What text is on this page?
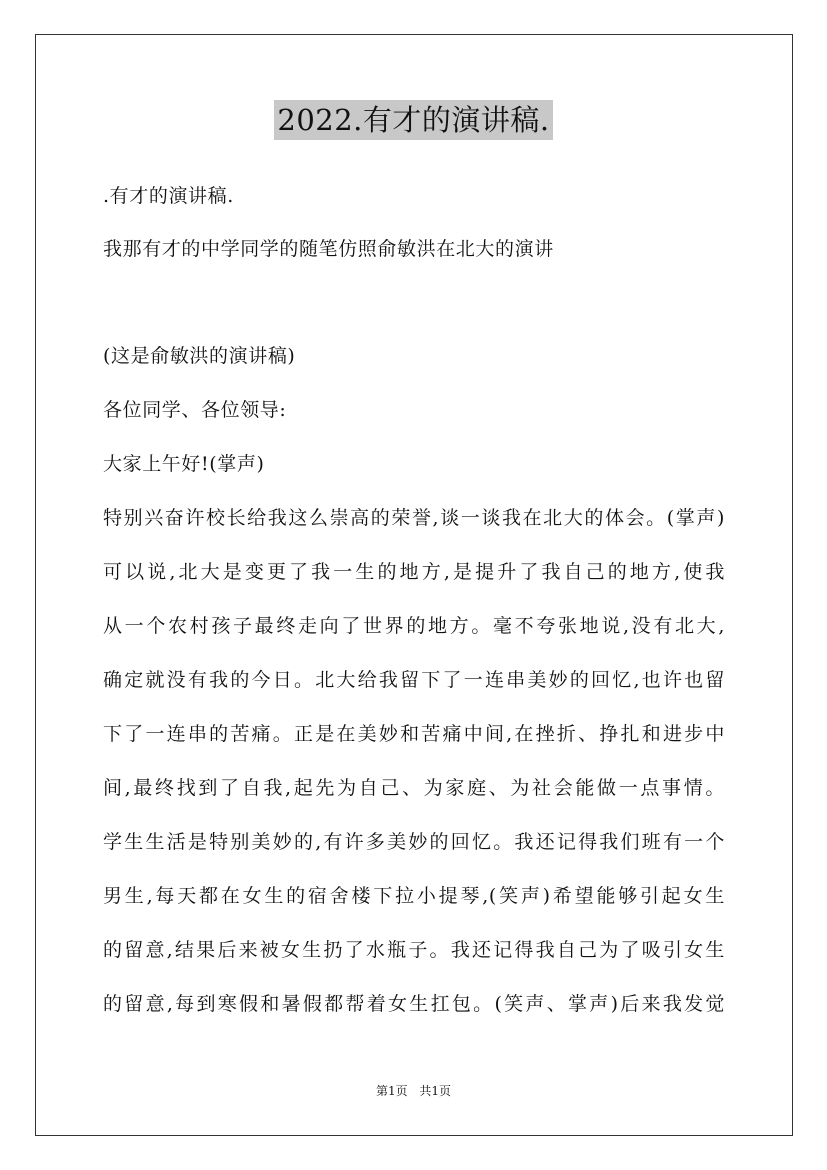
2022.有才的演讲稿.
.有才的演讲稿.
我那有才的中学同学的随笔仿照俞敏洪在北大的演讲
(这是俞敏洪的演讲稿)
各位同学、各位领导:
大家上午好!(掌声)
特别兴奋许校长给我这么崇高的荣誉,谈一谈我在北大的体会。(掌声)
可以说,北大是变更了我一生的地方,是提升了我自己的地方,使我
从一个农村孩子最终走向了世界的地方。毫不夸张地说,没有北大,
确定就没有我的今日。北大给我留下了一连串美妙的回忆,也许也留
下了一连串的苦痛。正是在美妙和苦痛中间,在挫折、挣扎和进步中
间,最终找到了自我,起先为自己、为家庭、为社会能做一点事情。
学生生活是特别美妙的,有许多美妙的回忆。我还记得我们班有一个
男生,每天都在女生的宿舍楼下拉小提琴,(笑声)希望能够引起女生
的留意,结果后来被女生扔了水瓶子。我还记得我自己为了吸引女生
的留意,每到寒假和暑假都帮着女生扛包。(笑声、掌声)后来我发觉
第1页 共1页
